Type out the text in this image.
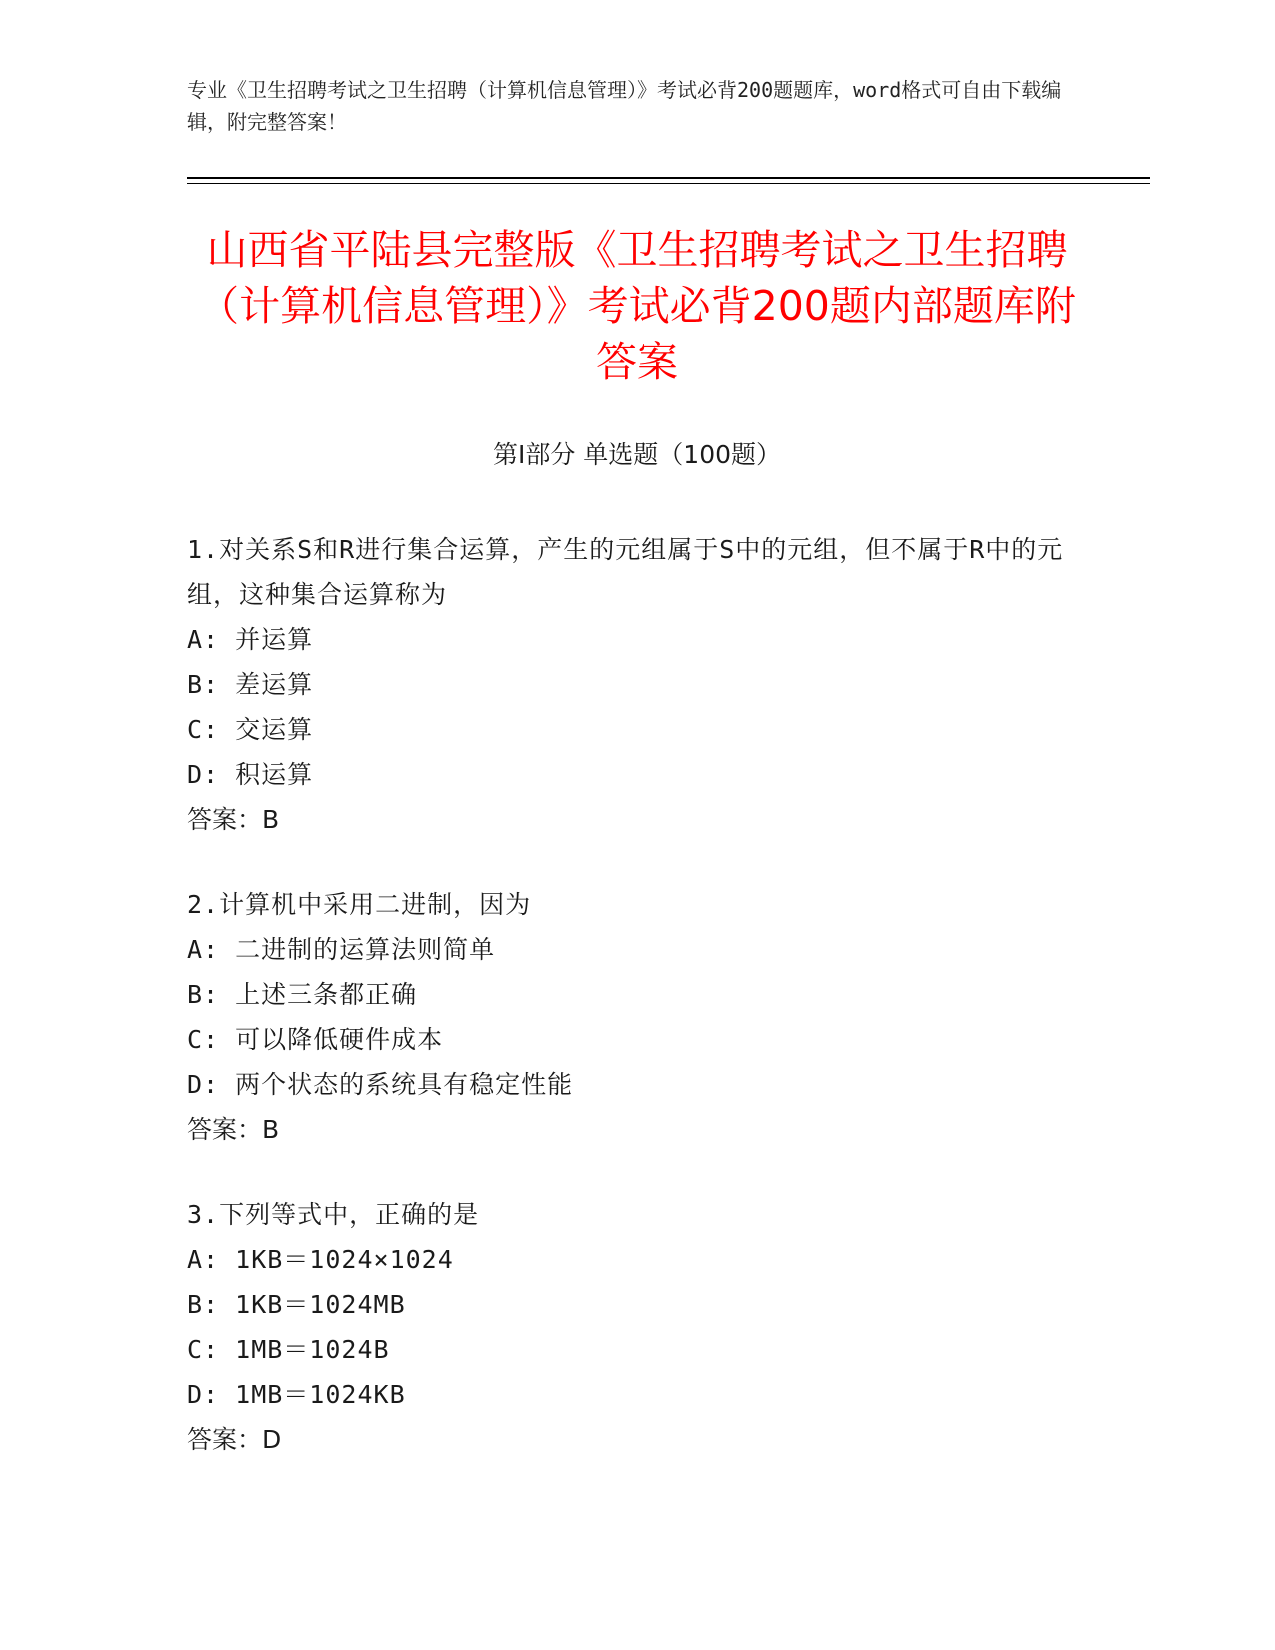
专业《卫生招聘考试之卫生招聘（计算机信息管理）》考试必背200题题库，word格式可自由下载编辑，附完整答案！
山西省平陆县完整版《卫生招聘考试之卫生招聘（计算机信息管理）》考试必背200题内部题库附答案
第Ⅰ部分 单选题（100题）
1.对关系S和R进行集合运算，产生的元组属于S中的元组，但不属于R中的元组，这种集合运算称为
A: 并运算
B: 差运算
C: 交运算
D: 积运算
答案：B
2.计算机中采用二进制，因为
A: 二进制的运算法则简单
B: 上述三条都正确
C: 可以降低硬件成本
D: 两个状态的系统具有稳定性能
答案：B
3.下列等式中，正确的是
A: 1KB＝1024×1024
B: 1KB＝1024MB
C: 1MB＝1024B
D: 1MB＝1024KB
答案：D
